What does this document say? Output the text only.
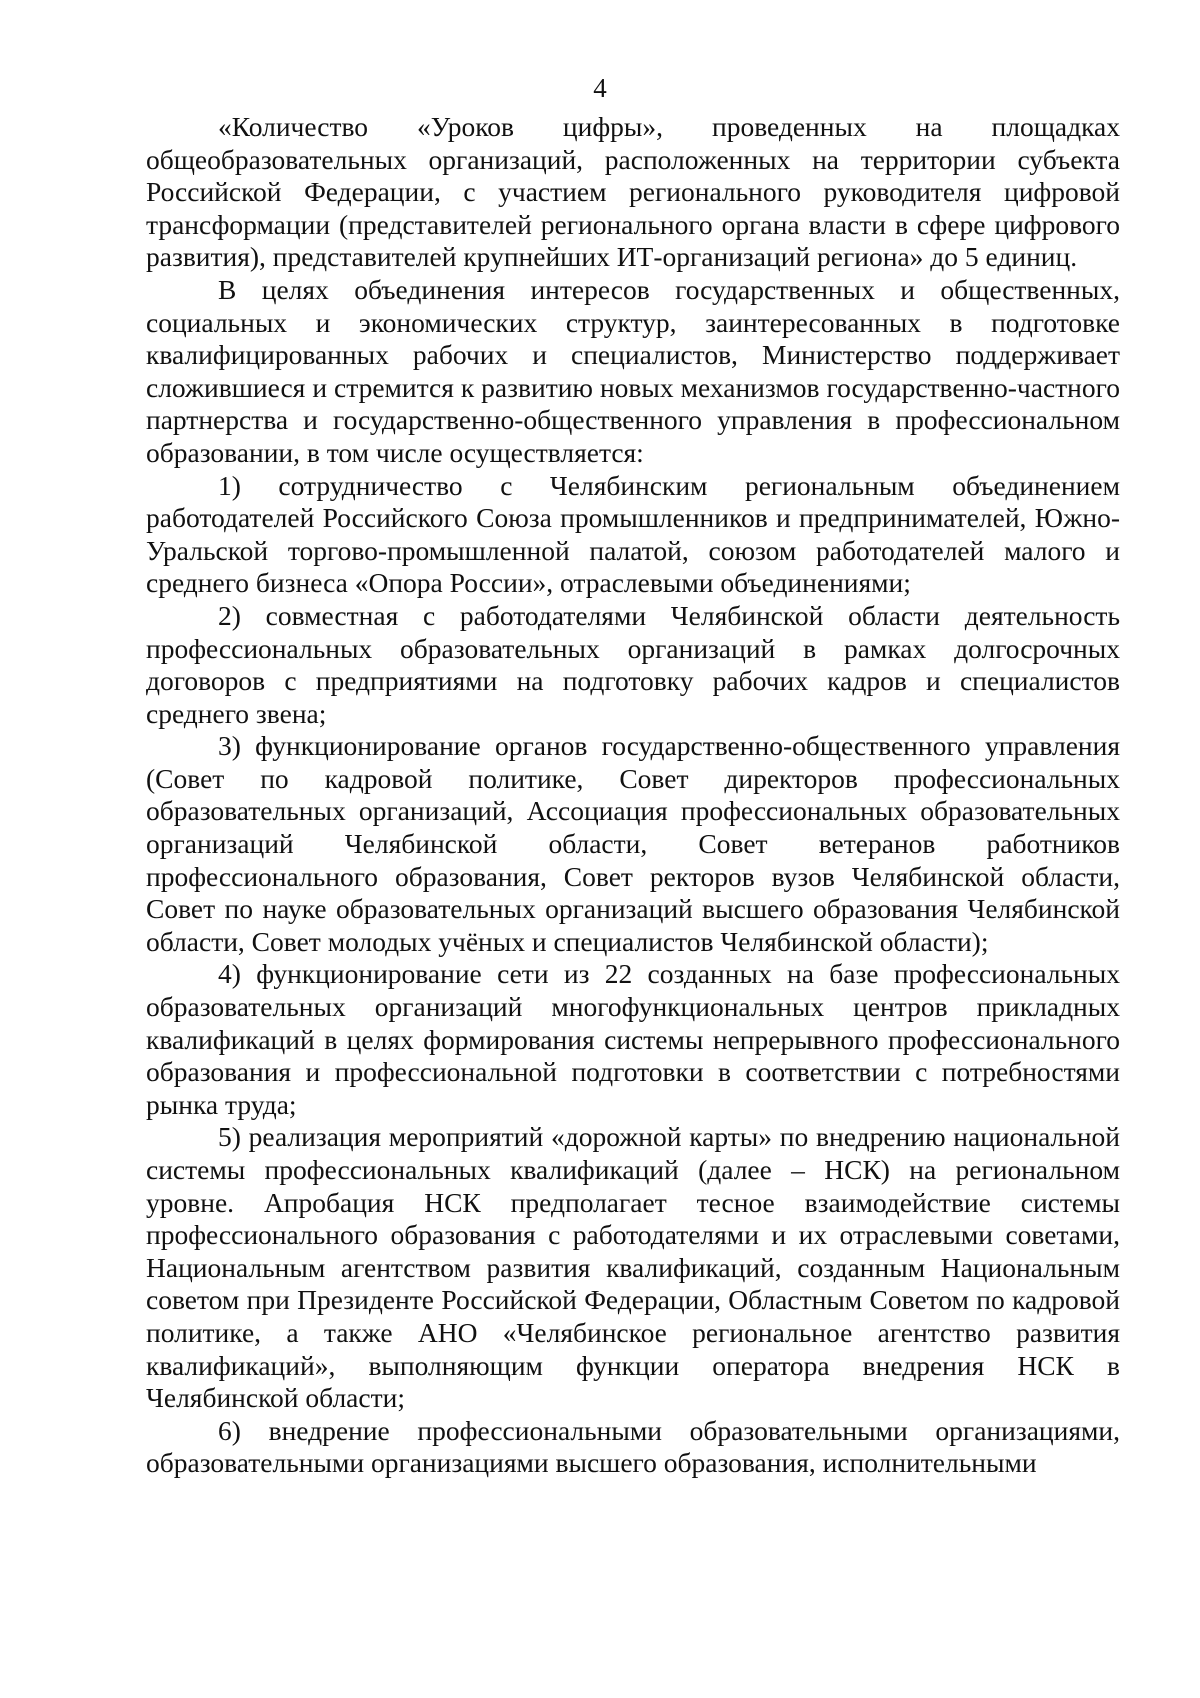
4

«Количество «Уроков цифры», проведенных на площадках общеобразовательных организаций, расположенных на территории субъекта Российской Федерации, с участием регионального руководителя цифровой трансформации (представителей регионального органа власти в сфере цифрового развития), представителей крупнейших ИТ-организаций региона» до 5 единиц.

В целях объединения интересов государственных и общественных, социальных и экономических структур, заинтересованных в подготовке квалифицированных рабочих и специалистов, Министерство поддерживает сложившиеся и стремится к развитию новых механизмов государственно-частного партнерства и государственно-общественного управления в профессиональном образовании, в том числе осуществляется:

1) сотрудничество с Челябинским региональным объединением работодателей Российского Союза промышленников и предпринимателей, Южно-Уральской торгово-промышленной палатой, союзом работодателей малого и среднего бизнеса «Опора России», отраслевыми объединениями;

2) совместная с работодателями Челябинской области деятельность профессиональных образовательных организаций в рамках долгосрочных договоров с предприятиями на подготовку рабочих кадров и специалистов среднего звена;

3) функционирование органов государственно-общественного управления (Совет по кадровой политике, Совет директоров профессиональных образовательных организаций, Ассоциация профессиональных образовательных организаций Челябинской области, Совет ветеранов работников профессионального образования, Совет ректоров вузов Челябинской области, Совет по науке образовательных организаций высшего образования Челябинской области, Совет молодых учёных и специалистов Челябинской области);

4) функционирование сети из 22 созданных на базе профессиональных образовательных организаций многофункциональных центров прикладных квалификаций в целях формирования системы непрерывного профессионального образования и профессиональной подготовки в соответствии с потребностями рынка труда;

5) реализация мероприятий «дорожной карты» по внедрению национальной системы профессиональных квалификаций (далее – НСК) на региональном уровне. Апробация НСК предполагает тесное взаимодействие системы профессионального образования с работодателями и их отраслевыми советами, Национальным агентством развития квалификаций, созданным Национальным советом при Президенте Российской Федерации, Областным Советом по кадровой политике, а также АНО «Челябинское региональное агентство развития квалификаций», выполняющим функции оператора внедрения НСК в Челябинской области;

6) внедрение профессиональными образовательными организациями, образовательными организациями высшего образования, исполнительными
